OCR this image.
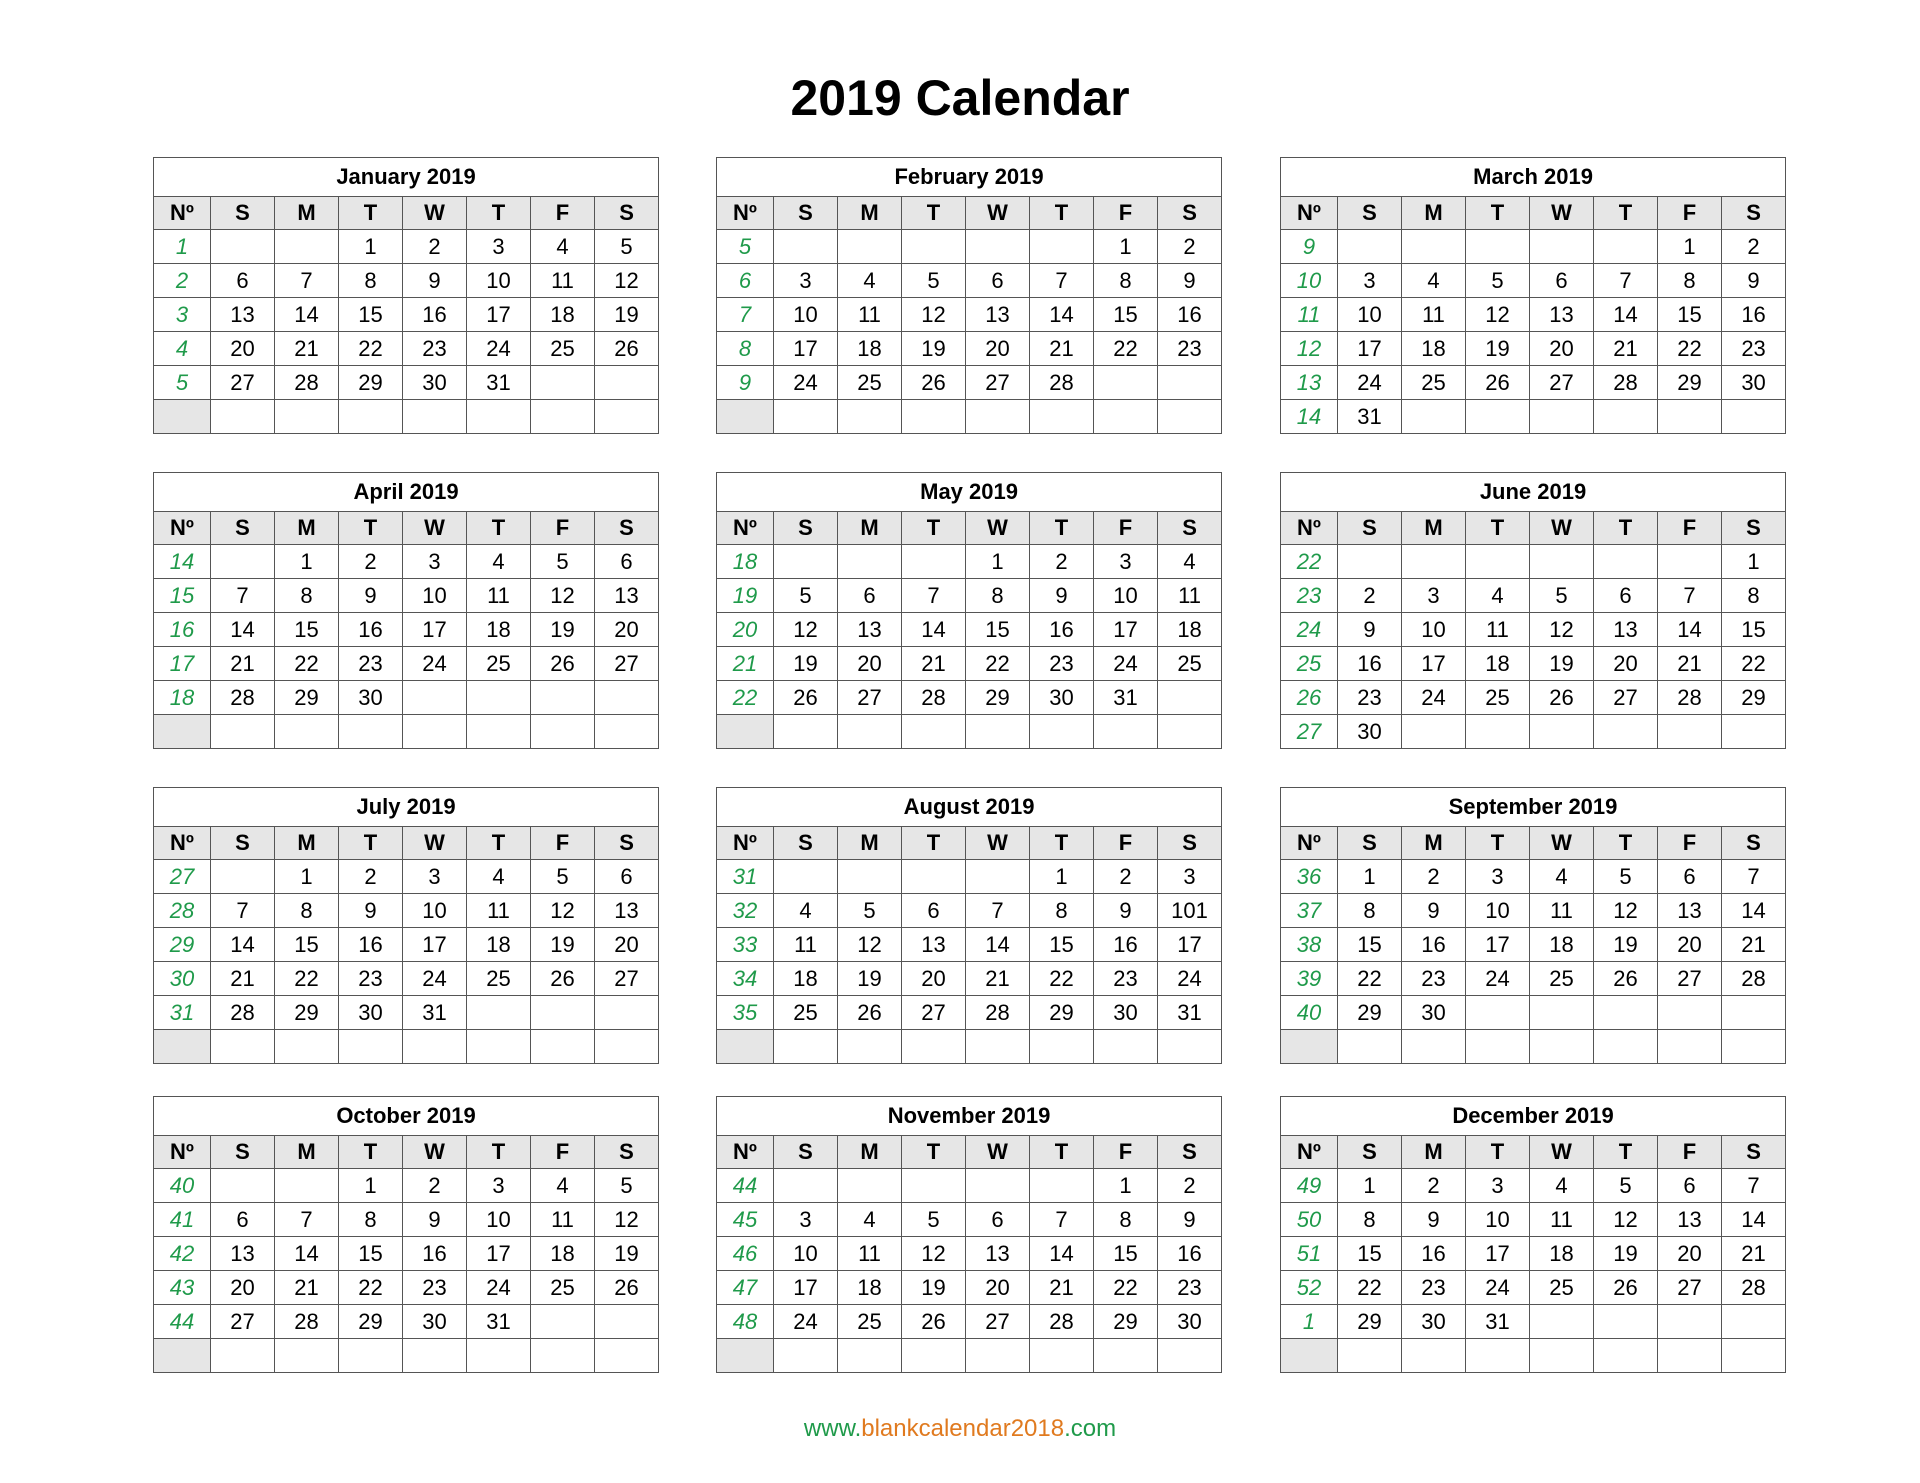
2019 Calendar
January 2019							
Nº	S	M	T	W	T	F	S
1			1	2	3	4	5
2	6	7	8	9	10	11	12
3	13	14	15	16	17	18	19
4	20	21	22	23	24	25	26
5	27	28	29	30	31		

February 2019							
Nº	S	M	T	W	T	F	S
5						1	2
6	3	4	5	6	7	8	9
7	10	11	12	13	14	15	16
8	17	18	19	20	21	22	23
9	24	25	26	27	28		

March 2019							
Nº	S	M	T	W	T	F	S
9						1	2
10	3	4	5	6	7	8	9
11	10	11	12	13	14	15	16
12	17	18	19	20	21	22	23
13	24	25	26	27	28	29	30
14	31						
April 2019							
Nº	S	M	T	W	T	F	S
14		1	2	3	4	5	6
15	7	8	9	10	11	12	13
16	14	15	16	17	18	19	20
17	21	22	23	24	25	26	27
18	28	29	30				

May 2019							
Nº	S	M	T	W	T	F	S
18				1	2	3	4
19	5	6	7	8	9	10	11
20	12	13	14	15	16	17	18
21	19	20	21	22	23	24	25
22	26	27	28	29	30	31	

June 2019							
Nº	S	M	T	W	T	F	S
22							1
23	2	3	4	5	6	7	8
24	9	10	11	12	13	14	15
25	16	17	18	19	20	21	22
26	23	24	25	26	27	28	29
27	30						
July 2019							
Nº	S	M	T	W	T	F	S
27		1	2	3	4	5	6
28	7	8	9	10	11	12	13
29	14	15	16	17	18	19	20
30	21	22	23	24	25	26	27
31	28	29	30	31			

August 2019							
Nº	S	M	T	W	T	F	S
31					1	2	3
32	4	5	6	7	8	9	101
33	11	12	13	14	15	16	17
34	18	19	20	21	22	23	24
35	25	26	27	28	29	30	31

September 2019							
Nº	S	M	T	W	T	F	S
36	1	2	3	4	5	6	7
37	8	9	10	11	12	13	14
38	15	16	17	18	19	20	21
39	22	23	24	25	26	27	28
40	29	30					

October 2019							
Nº	S	M	T	W	T	F	S
40			1	2	3	4	5
41	6	7	8	9	10	11	12
42	13	14	15	16	17	18	19
43	20	21	22	23	24	25	26
44	27	28	29	30	31		

November 2019							
Nº	S	M	T	W	T	F	S
44						1	2
45	3	4	5	6	7	8	9
46	10	11	12	13	14	15	16
47	17	18	19	20	21	22	23
48	24	25	26	27	28	29	30

December 2019							
Nº	S	M	T	W	T	F	S
49	1	2	3	4	5	6	7
50	8	9	10	11	12	13	14
51	15	16	17	18	19	20	21
52	22	23	24	25	26	27	28
1	29	30	31				

www.blankcalendar2018.com
